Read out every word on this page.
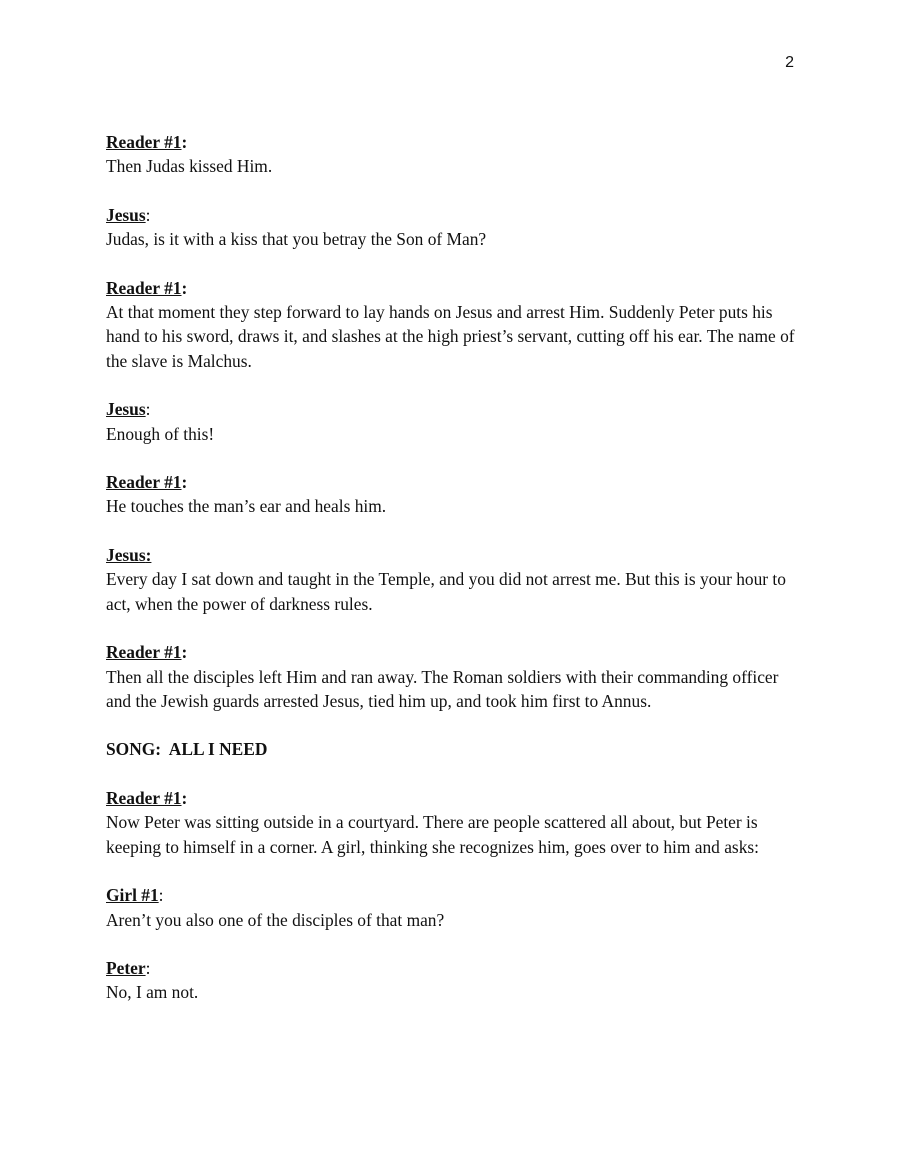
2
Reader #1:

Then Judas kissed Him.

Jesus:

Judas, is it with a kiss that you betray the Son of Man?

Reader #1:

At that moment they step forward to lay hands on Jesus and arrest Him. Suddenly Peter puts his hand to his sword, draws it, and slashes at the high priest’s servant, cutting off his ear. The name of the slave is Malchus.

Jesus:

Enough of this!

Reader #1:

He touches the man’s ear and heals him.

Jesus:

Every day I sat down and taught in the Temple, and you did not arrest me. But this is your hour to act, when the power of darkness rules.

Reader #1:

Then all the disciples left Him and ran away. The Roman soldiers with their commanding officer and the Jewish guards arrested Jesus, tied him up, and took him first to Annus.

SONG:  ALL I NEED
Reader #1:

Now Peter was sitting outside in a courtyard. There are people scattered all about, but Peter is keeping to himself in a corner. A girl, thinking she recognizes him, goes over to him and asks:

Girl #1:

Aren’t you also one of the disciples of that man?

Peter:

No, I am not.
